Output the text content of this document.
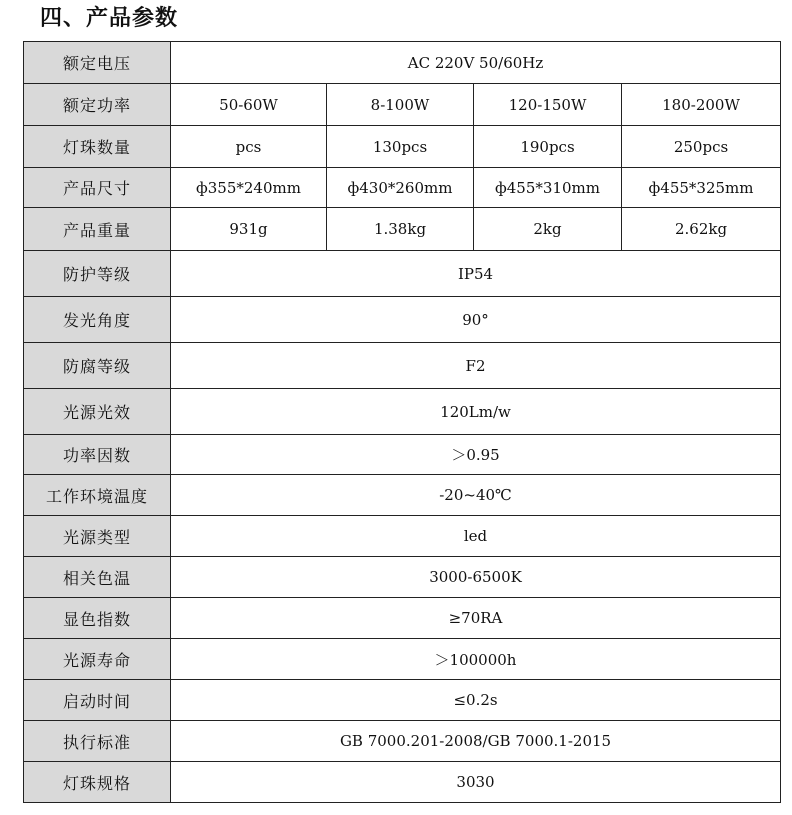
四、产品参数
额定电压	AC 220V 50/60Hz			
额定功率	50-60W	8-100W	120-150W	180-200W
灯珠数量	pcs	130pcs	190pcs	250pcs
产品尺寸	ф355*240mm	ф430*260mm	ф455*310mm	ф455*325mm
产品重量	931g	1.38kg	2kg	2.62kg
防护等级	IP54			
发光角度	90°			
防腐等级	F2			
光源光效	120Lm/w			
功率因数	＞0.95			
工作环境温度	-20~40℃			
光源类型	led			
相关色温	3000-6500K			
显色指数	≥70RA			
光源寿命	＞100000h			
启动时间	≤0.2s			
执行标准	GB 7000.201-2008/GB 7000.1-2015			
灯珠规格	3030			
